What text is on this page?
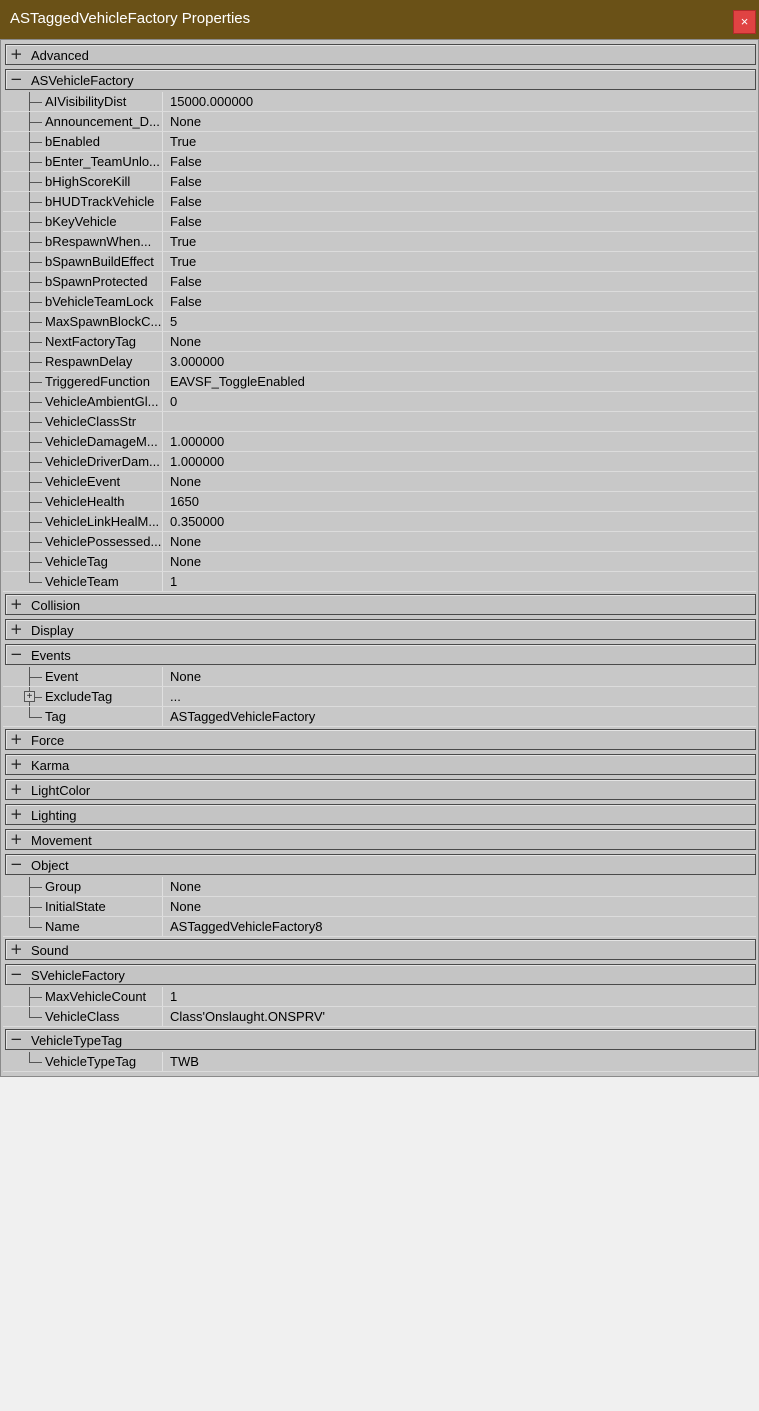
ASTaggedVehicleFactory Properties	×
+ Advanced
− ASVehicleFactory
AIVisibilityDist	15000.000000
Announcement_D... None
bEnabled	True
bEnter_TeamUnlo... False
bHighScoreKill	False
bHUDTrackVehicle	False
bKeyVehicle	False
bRespawnWhen...	True
bSpawnBuildEffect	True
bSpawnProtected	False
bVehicleTeamLock	False
MaxSpawnBlockC... 5
NextFactoryTag	None
RespawnDelay	3.000000
TriggeredFunction	EAVSF_ToggleEnabled
VehicleAmbientGl... 0
VehicleClassStr
VehicleDamageM... 1.000000
VehicleDriverDam... 1.000000
VehicleEvent	None
VehicleHealth	1650
VehicleLinkHealM... 0.350000
VehiclePossessed... None
VehicleTag	None
VehicleTeam	1
+ Collision
+ Display
− Events
Event	None
+ ExcludeTag	...
Tag	ASTaggedVehicleFactory
+ Force
+ Karma
+ LightColor
+ Lighting
+ Movement
− Object
Group	None
InitialState	None
Name	ASTaggedVehicleFactory8
+ Sound
− SVehicleFactory
MaxVehicleCount	1
VehicleClass	Class'Onslaught.ONSPRV'
− VehicleTypeTag
VehicleTypeTag	TWB
